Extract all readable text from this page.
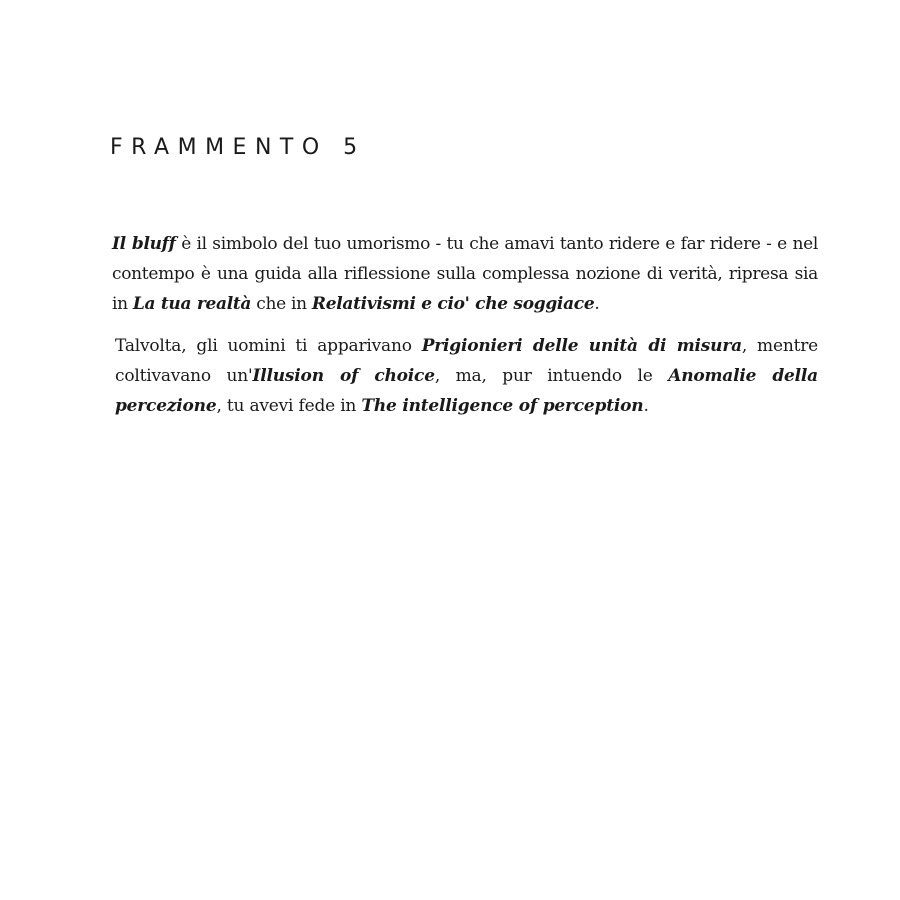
FRAMMENTO 5

Il bluff è il simbolo del tuo umorismo - tu che amavi tanto ridere e far ridere - e nel contempo è una guida alla riflessione sulla complessa nozione di verità, ripresa sia in La tua realtà che in Relativismi e cio' che soggiace.

Talvolta, gli uomini ti apparivano Prigionieri delle unità di misura, mentre coltivavano un'Illusion of choice, ma, pur intuendo le Anomalie della percezione, tu avevi fede in The intelligence of perception.
